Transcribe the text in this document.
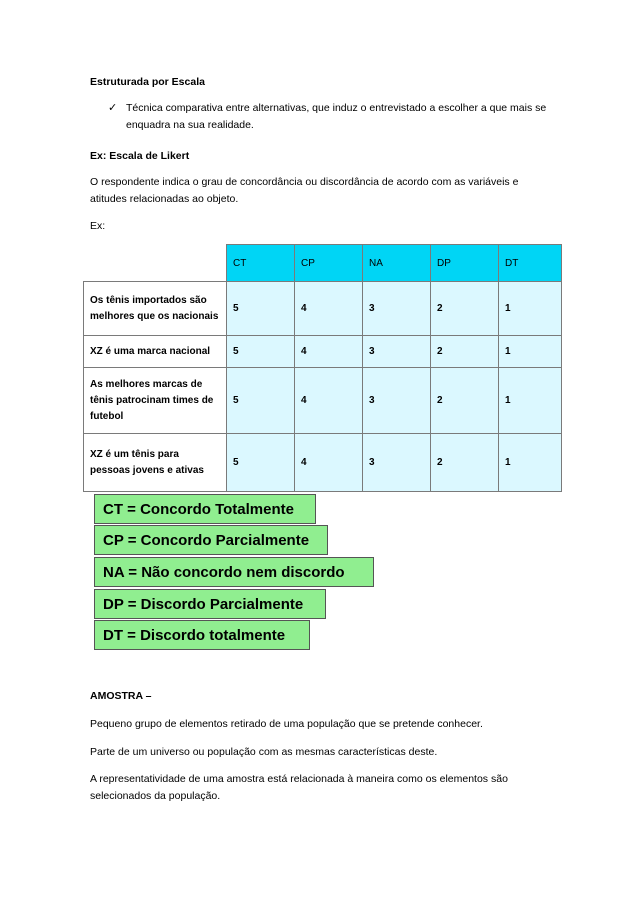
Estruturada por Escala

✓ Técnica comparativa entre alternativas, que induz o entrevistado a escolher a que mais se enquadra na sua realidade.

Ex: Escala de Likert

O respondente indica o grau de concordância ou discordância de acordo com as variáveis e atitudes relacionadas ao objeto.

Ex:

	CT	CP	NA	DP	DT
Os tênis importados são melhores que os nacionais	5	4	3	2	1
XZ é uma marca nacional	5	4	3	2	1
As melhores marcas de tênis patrocinam times de futebol	5	4	3	2	1
XZ é um tênis para pessoas jovens e ativas	5	4	3	2	1
CT = Concordo Totalmente
CP = Concordo Parcialmente
NA = Não concordo nem discordo
DP = Discordo Parcialmente
DT = Discordo totalmente

AMOSTRA –

Pequeno grupo de elementos retirado de uma população que se pretende conhecer.

Parte de um universo ou população com as mesmas características deste.

A representatividade de uma amostra está relacionada à maneira como os elementos são selecionados da população.
